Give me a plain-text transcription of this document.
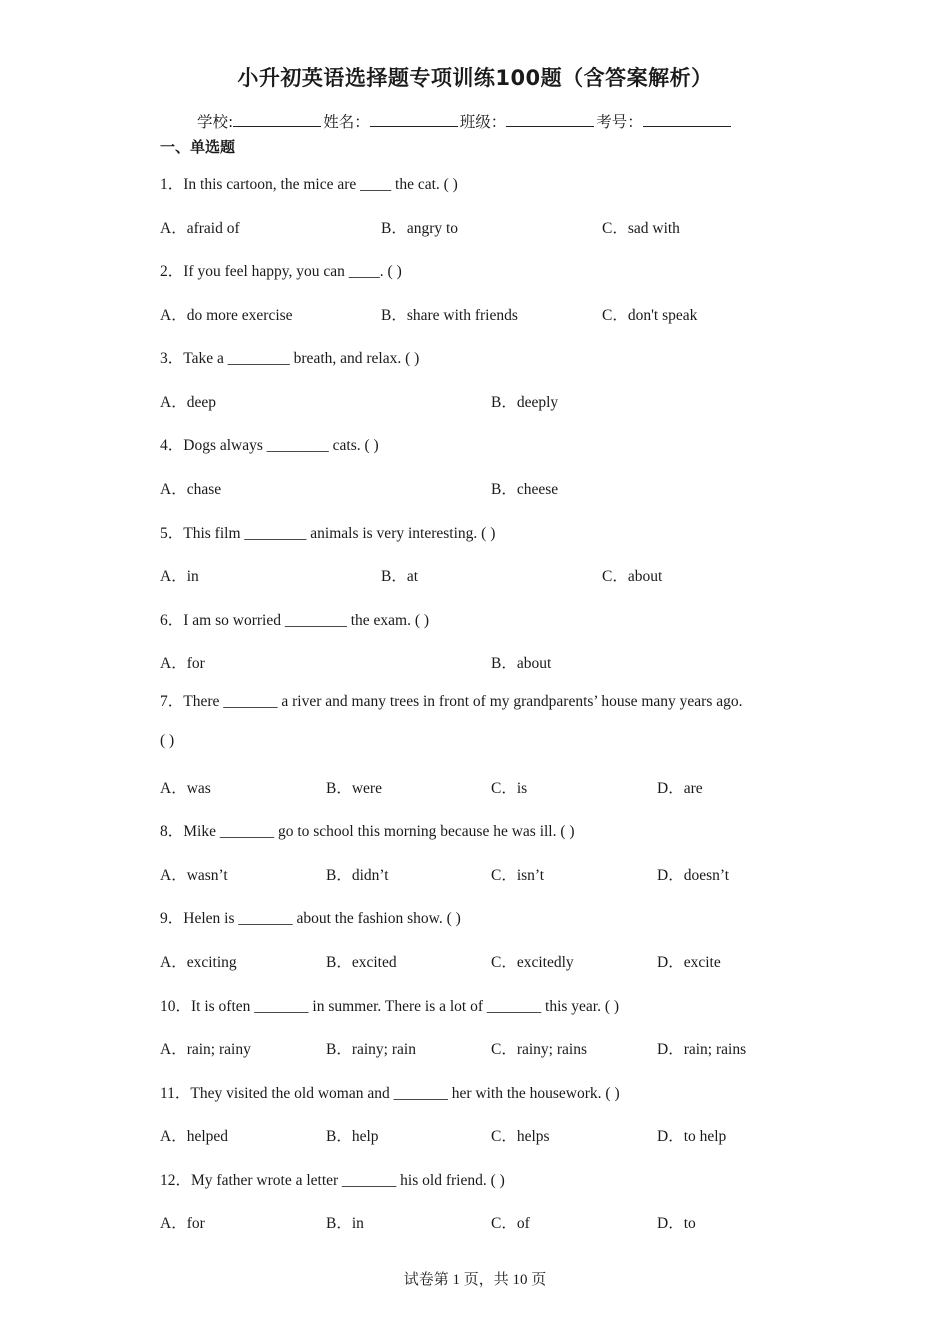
小升初英语选择题专项训练100题（含答案解析）
学校:	姓名：	班级：	考号：
一、单选题
1．In this cartoon, the mice are ____ the cat. ( )
A．afraid of	B．angry to	C．sad with
2．If you feel happy, you can ____. ( )
A．do more exercise	B．share with friends	C．don't speak
3．Take a ________ breath, and relax. ( )
A．deep	B．deeply
4．Dogs always ________ cats. ( )
A．chase	B．cheese
5．This film ________ animals is very interesting. ( )
A．in	B．at	C．about
6．I am so worried ________ the exam. ( )
A．for	B．about
7．There _______ a river and many trees in front of my grandparents’ house many years ago.
( )
A．was	B．were	C．is	D．are
8．Mike _______ go to school this morning because he was ill. ( )
A．wasn’t	B．didn’t	C．isn’t	D．doesn’t
9．Helen is _______ about the fashion show. ( )
A．exciting	B．excited	C．excitedly	D．excite
10．It is often _______ in summer. There is a lot of _______ this year. ( )
A．rain; rainy	B．rainy; rain	C．rainy; rains	D．rain; rains
11．They visited the old woman and _______ her with the housework. ( )
A．helped	B．help	C．helps	D．to help
12．My father wrote a letter _______ his old friend. ( )
A．for	B．in	C．of	D．to
试卷第 1 页，共 10 页
